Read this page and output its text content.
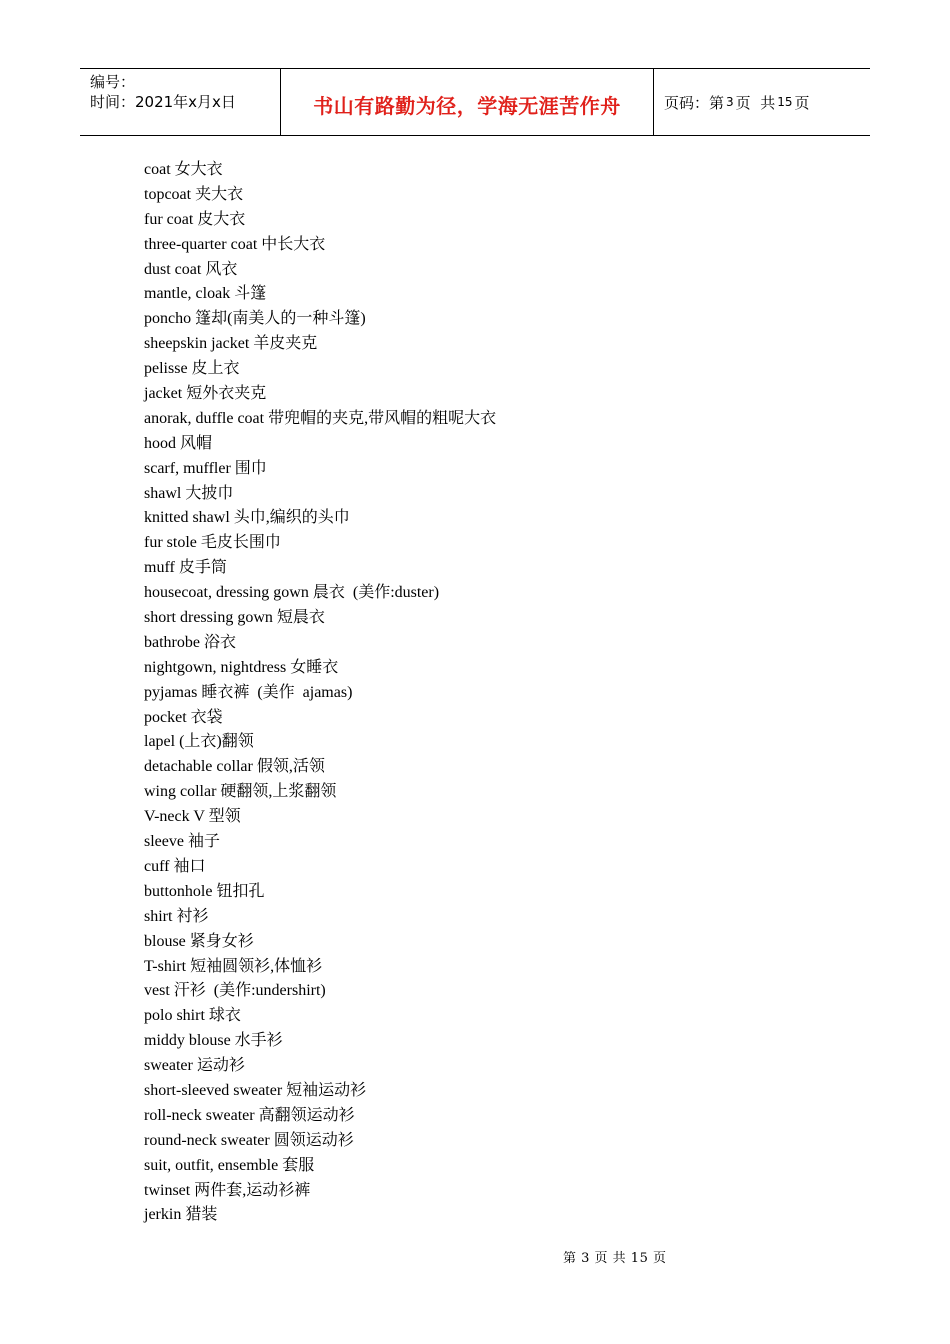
编号：
时间：2021年x月x日	书山有路勤为径，学海无涯苦作舟	页码：第 3 页  共 15 页
coat 女大衣
topcoat 夹大衣
fur coat 皮大衣
three-quarter coat 中长大衣
dust coat 风衣
mantle, cloak 斗篷
poncho 篷却(南美人的一种斗篷)
sheepskin jacket 羊皮夹克
pelisse 皮上衣
jacket 短外衣夹克
anorak, duffle coat 带兜帽的夹克,带风帽的粗呢大衣
hood 风帽
scarf, muffler 围巾
shawl 大披巾
knitted shawl 头巾,编织的头巾
fur stole 毛皮长围巾
muff 皮手筒
housecoat, dressing gown 晨衣  (美作:duster)
short dressing gown 短晨衣
bathrobe 浴衣
nightgown, nightdress 女睡衣
pyjamas 睡衣裤  (美作  ajamas)
pocket 衣袋
lapel (上衣)翻领
detachable collar 假领,活领
wing collar 硬翻领,上浆翻领
V-neck V 型领
sleeve 袖子
cuff 袖口
buttonhole 钮扣孔
shirt 衬衫
blouse 紧身女衫
T-shirt 短袖圆领衫,体恤衫
vest 汗衫  (美作:undershirt)
polo shirt 球衣
middy blouse 水手衫
sweater 运动衫
short-sleeved sweater 短袖运动衫
roll-neck sweater 高翻领运动衫
round-neck sweater 圆领运动衫
suit, outfit, ensemble 套服
twinset 两件套,运动衫裤
jerkin 猎装
第 3 页 共 15 页
